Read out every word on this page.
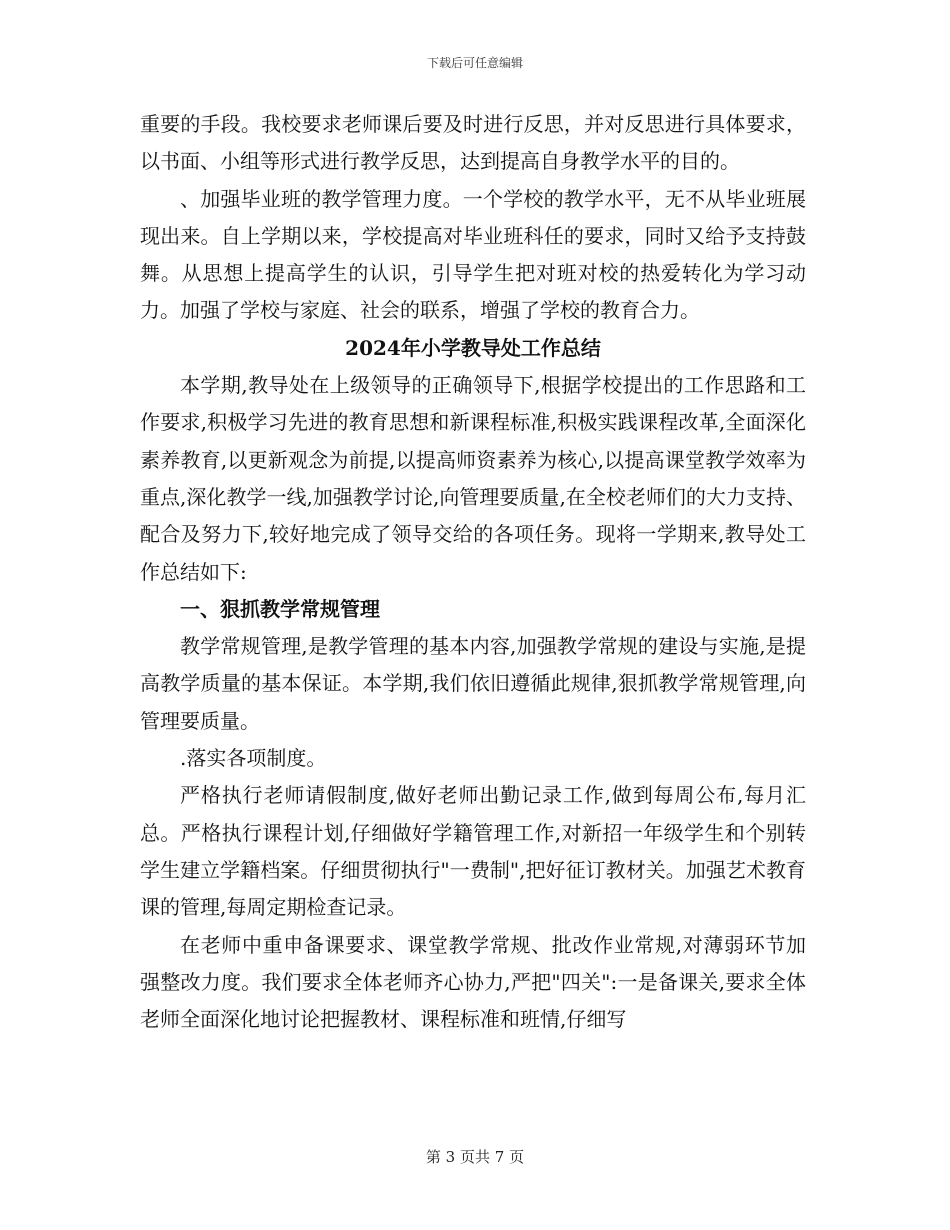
下载后可任意编辑

重要的手段。我校要求老师课后要及时进行反思，并对反思进行具体要求，以书面、小组等形式进行教学反思，达到提高自身教学水平的目的。

、加强毕业班的教学管理力度。一个学校的教学水平，无不从毕业班展现出来。自上学期以来，学校提高对毕业班科任的要求，同时又给予支持鼓舞。从思想上提高学生的认识，引导学生把对班对校的热爱转化为学习动力。加强了学校与家庭、社会的联系，增强了学校的教育合力。

2024年小学教导处工作总结

本学期,教导处在上级领导的正确领导下,根据学校提出的工作思路和工作要求,积极学习先进的教育思想和新课程标准,积极实践课程改革,全面深化素养教育,以更新观念为前提,以提高师资素养为核心,以提高课堂教学效率为重点,深化教学一线,加强教学讨论,向管理要质量,在全校老师们的大力支持、配合及努力下,较好地完成了领导交给的各项任务。现将一学期来,教导处工作总结如下:

一、狠抓教学常规管理

教学常规管理,是教学管理的基本内容,加强教学常规的建设与实施,是提高教学质量的基本保证。本学期,我们依旧遵循此规律,狠抓教学常规管理,向管理要质量。

.落实各项制度。

严格执行老师请假制度,做好老师出勤记录工作,做到每周公布,每月汇总。严格执行课程计划,仔细做好学籍管理工作,对新招一年级学生和个别转学生建立学籍档案。仔细贯彻执行"一费制",把好征订教材关。加强艺术教育课的管理,每周定期检查记录。

在老师中重申备课要求、课堂教学常规、批改作业常规,对薄弱环节加强整改力度。我们要求全体老师齐心协力,严把"四关":一是备课关,要求全体老师全面深化地讨论把握教材、课程标准和班情,仔细写

第 3 页共 7 页
